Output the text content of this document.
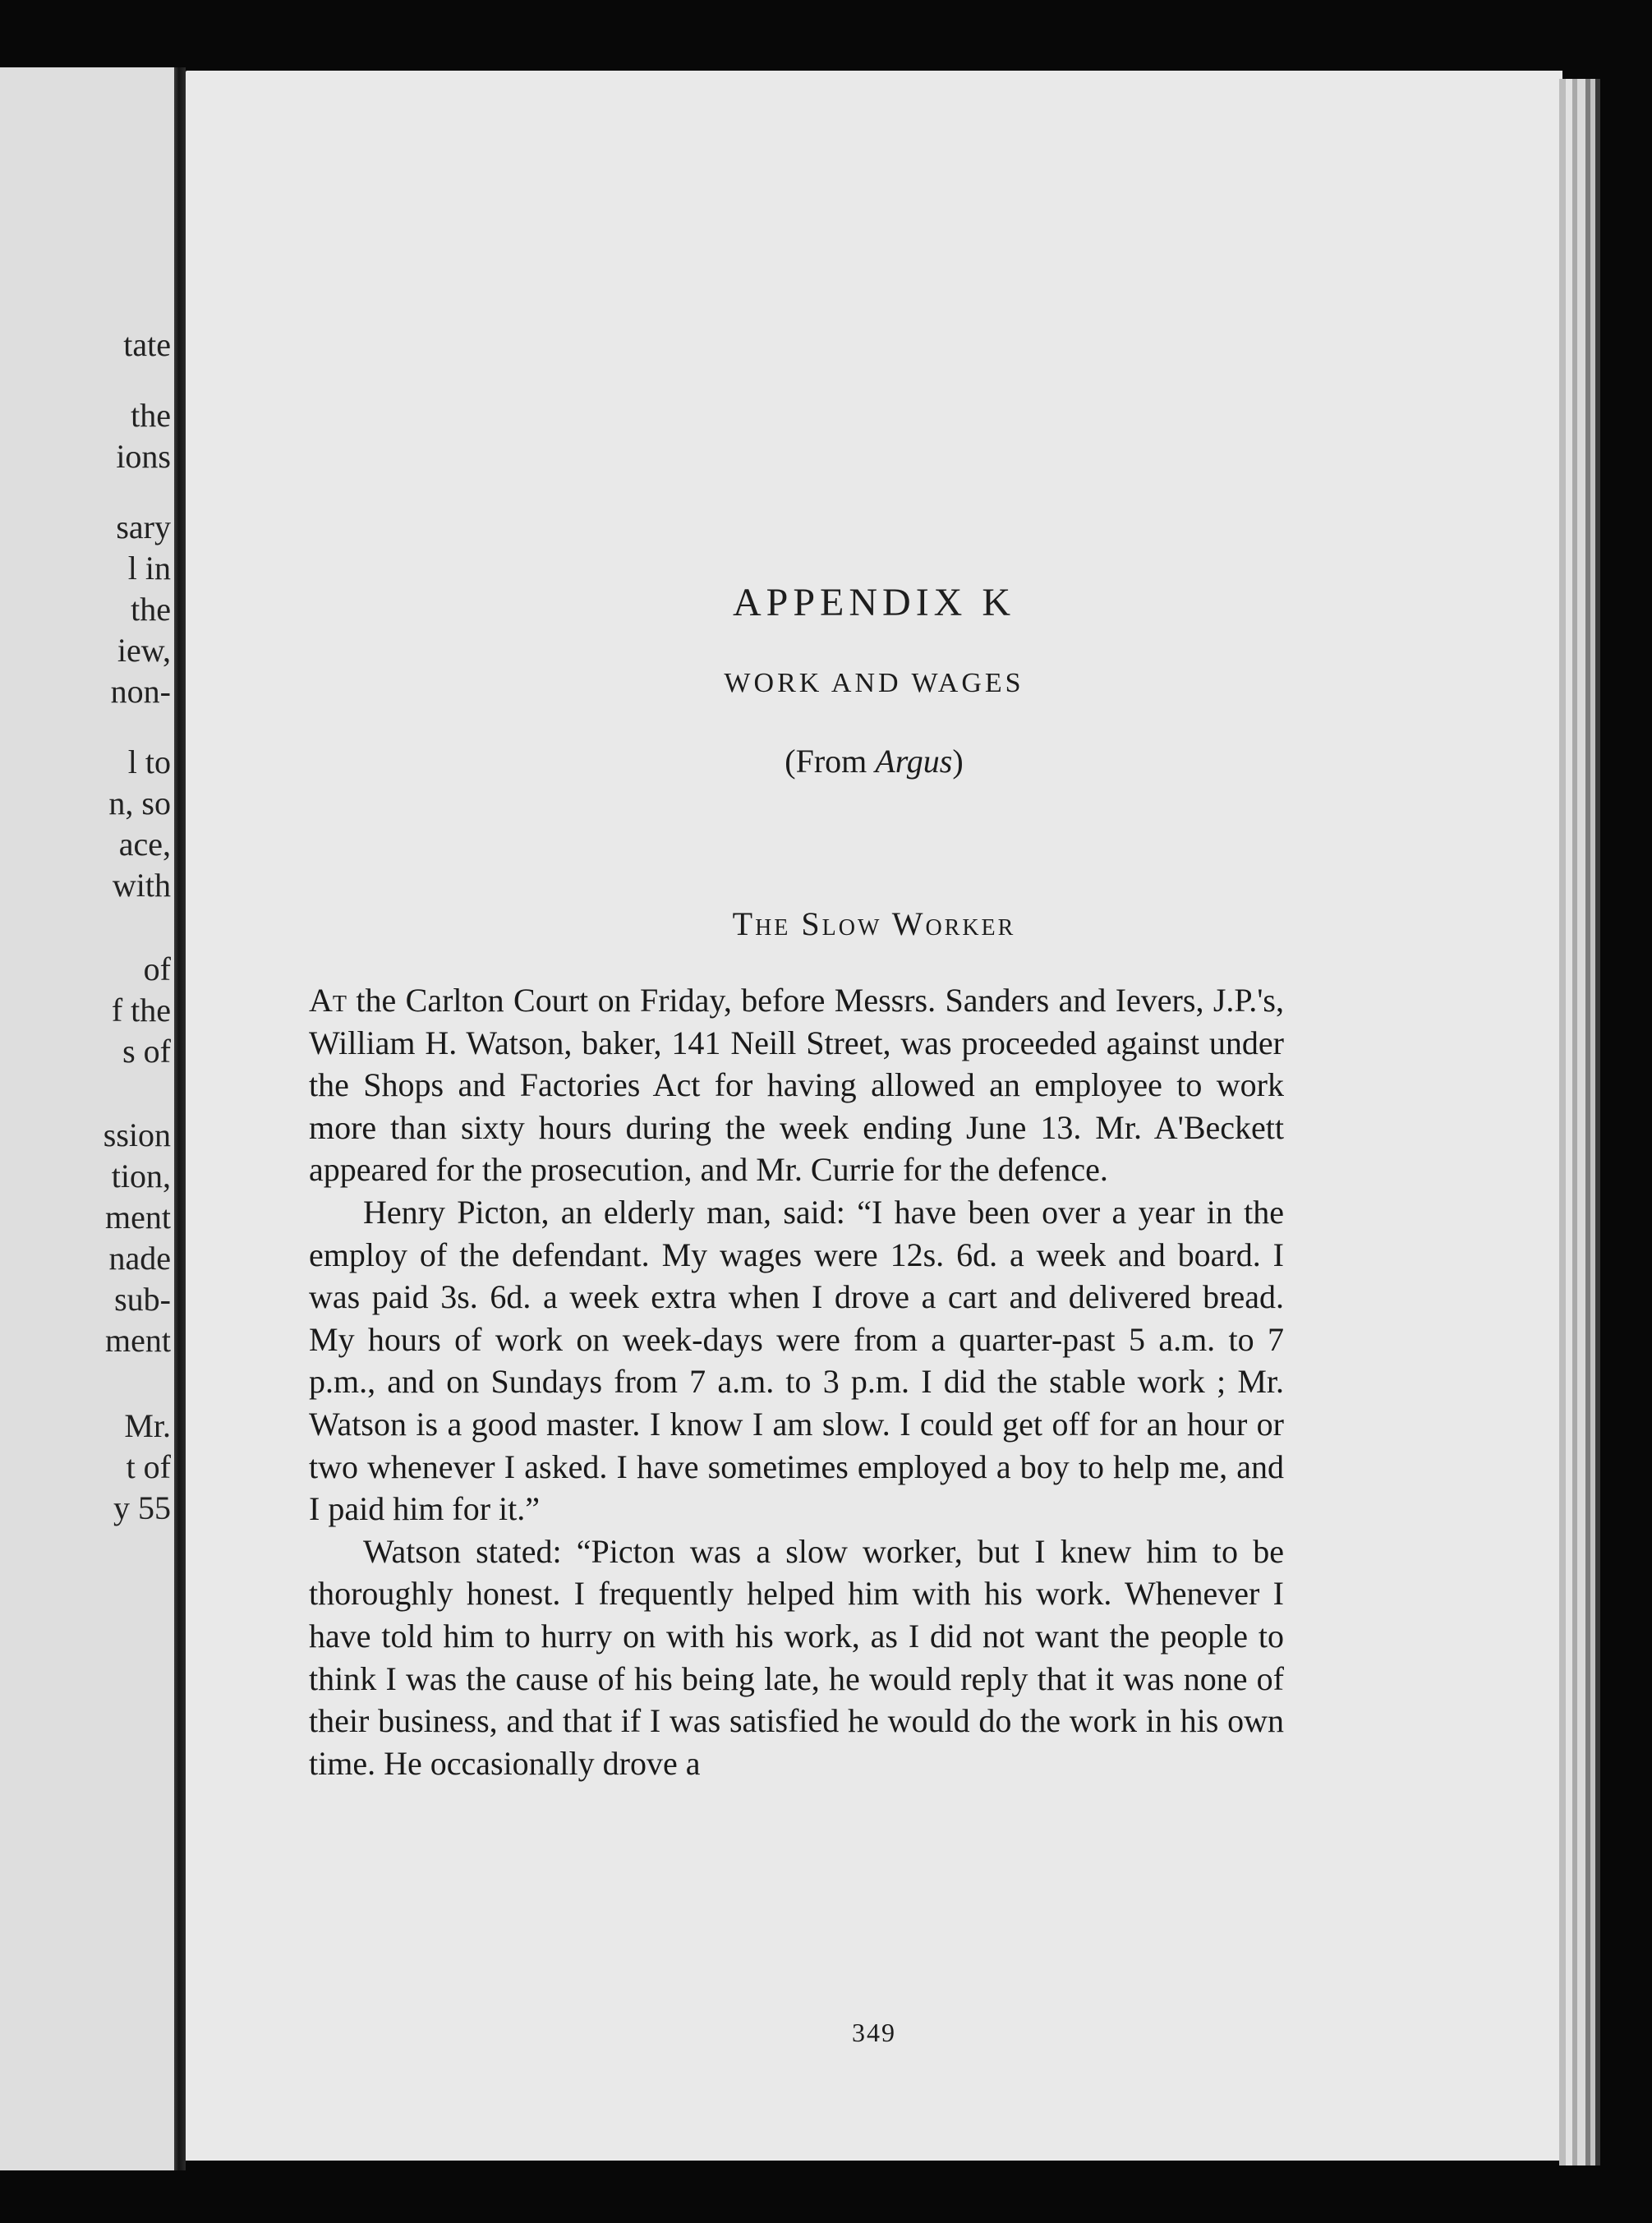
tate
the
ions
sary
l in
the
iew,
non-
l to
n, so
ace,
with
of
f the
s of
ssion
tion,
ment
nade
sub-
ment
Mr.
t of
y 55
APPENDIX K
WORK AND WAGES
(From Argus)
The Slow Worker

At the Carlton Court on Friday, before Messrs. Sanders and Ievers, J.P.'s, William H. Watson, baker, 141 Neill Street, was proceeded against under the Shops and Factories Act for having allowed an employee to work more than sixty hours during the week ending June 13. Mr. A'Beckett appeared for the prosecution, and Mr. Currie for the defence.

Henry Picton, an elderly man, said: “I have been over a year in the employ of the defendant. My wages were 12s. 6d. a week and board. I was paid 3s. 6d. a week extra when I drove a cart and delivered bread. My hours of work on week-days were from a quarter-past 5 a.m. to 7 p.m., and on Sundays from 7 a.m. to 3 p.m. I did the stable work ; Mr. Watson is a good master. I know I am slow. I could get off for an hour or two whenever I asked. I have sometimes employed a boy to help me, and I paid him for it.”

Watson stated: “Picton was a slow worker, but I knew him to be thoroughly honest. I frequently helped him with his work. Whenever I have told him to hurry on with his work, as I did not want the people to think I was the cause of his being late, he would reply that it was none of their business, and that if I was satisfied he would do the work in his own time. He occasionally drove a

349
